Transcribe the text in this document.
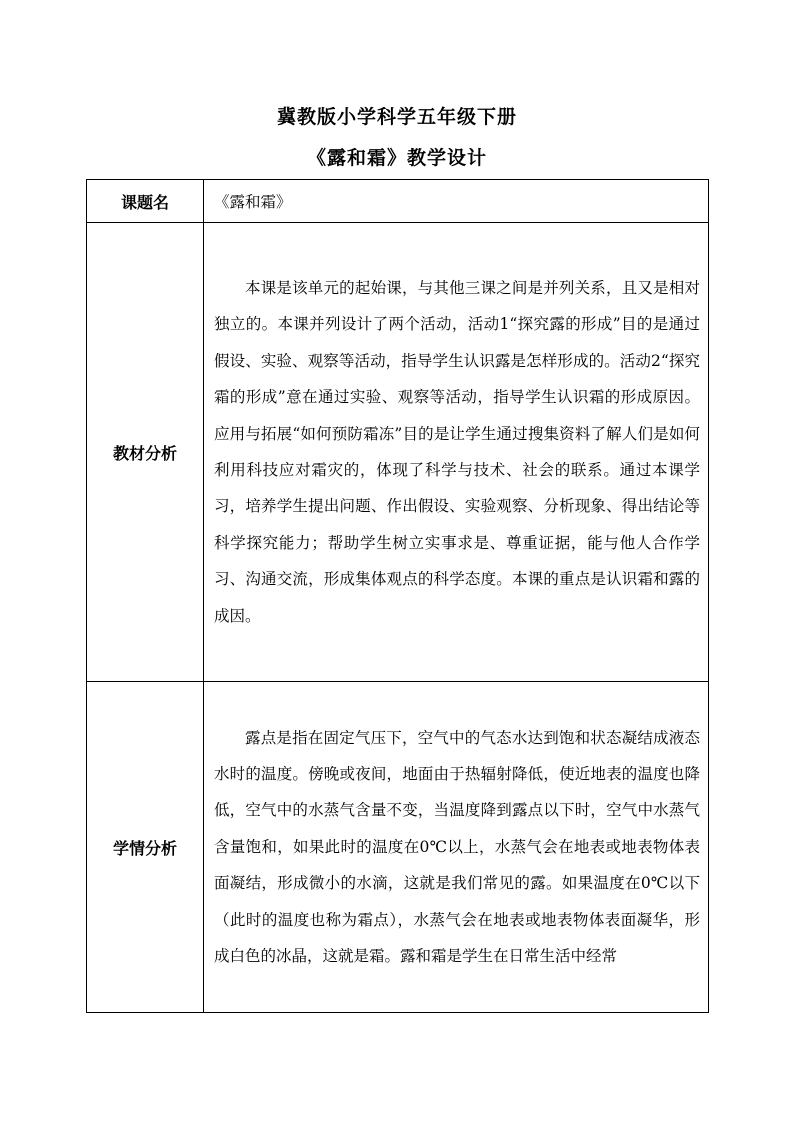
冀教版小学科学五年级下册
《露和霜》教学设计
课题名	《露和霜》
教材分析	本课是该单元的起始课，与其他三课之间是并列关系，且又是相对独立的。本课并列设计了两个活动，活动1“探究露的形成”目的是通过假设、实验、观察等活动，指导学生认识露是怎样形成的。活动2“探究霜的形成”意在通过实验、观察等活动，指导学生认识霜的形成原因。应用与拓展“如何预防霜冻”目的是让学生通过搜集资料了解人们是如何利用科技应对霜灾的，体现了科学与技术、社会的联系。通过本课学习，培养学生提出问题、作出假设、实验观察、分析现象、得出结论等科学探究能力；帮助学生树立实事求是、尊重证据，能与他人合作学习、沟通交流，形成集体观点的科学态度。本课的重点是认识霜和露的成因。

学情分析	露点是指在固定气压下，空气中的气态水达到饱和状态凝结成液态水时的温度。傍晚或夜间，地面由于热辐射降低，使近地表的温度也降低，空气中的水蒸气含量不变，当温度降到露点以下时，空气中水蒸气含量饱和，如果此时的温度在0℃以上，水蒸气会在地表或地表物体表面凝结，形成微小的水滴，这就是我们常见的露。如果温度在0℃以下（此时的温度也称为霜点），水蒸气会在地表或地表物体表面凝华，形成白色的冰晶，这就是霜。露和霜是学生在日常生活中经常
